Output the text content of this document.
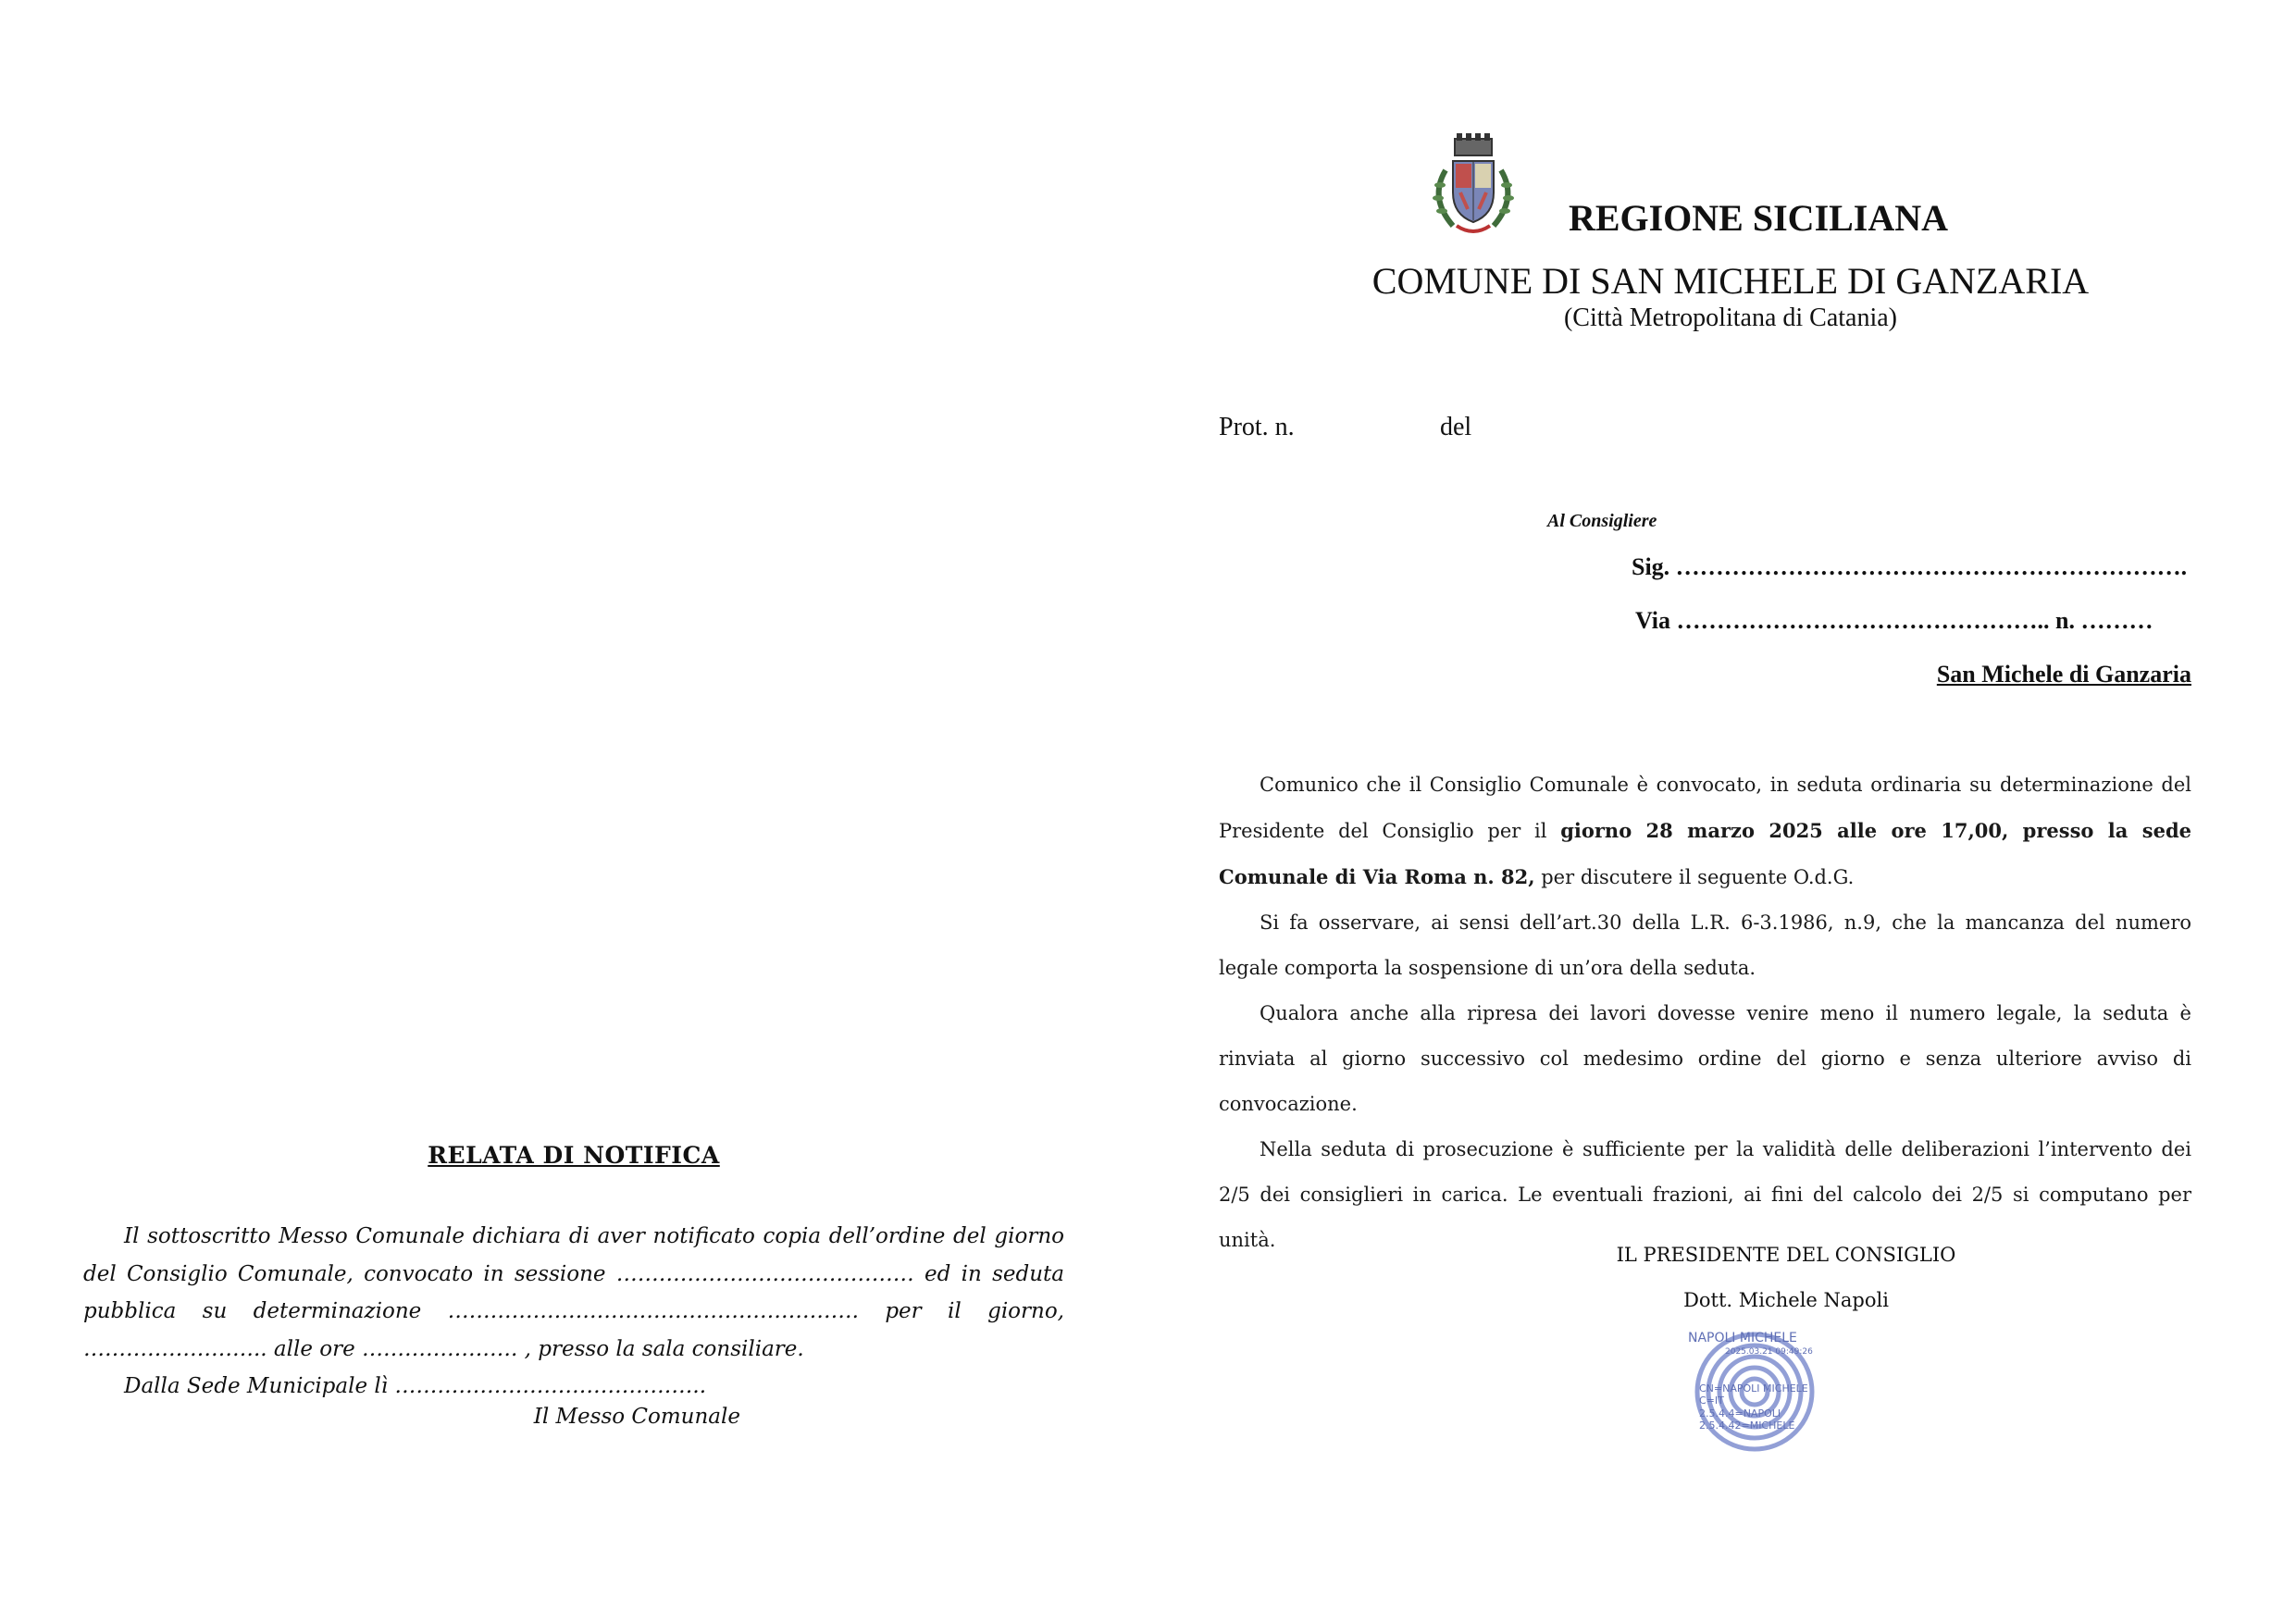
RELATA DI NOTIFICA

Il sottoscritto Messo Comunale dichiara di aver notificato copia dell’ordine del giorno del Consiglio Comunale, convocato in sessione …………………………………… ed in seduta pubblica su determinazione …………………………………………………. per il giorno, …………………….. alle ore …………………. , presso la sala consiliare.

Dalla Sede Municipale lì ……………………………………..

Il Messo Comunale
REGIONE SICILIANA
COMUNE DI SAN MICHELE DI GANZARIA
(Città Metropolitana di Catania)
Prot. n.	del
Al Consigliere
Sig. ……………………………………………………….
Via ……………………………………….. n. ………
San Michele di Ganzaria

Comunico che il Consiglio Comunale è convocato, in seduta ordinaria su determinazione del Presidente del Consiglio per il giorno 28 marzo 2025 alle ore 17,00, presso la sede Comunale di Via Roma n. 82, per discutere il seguente O.d.G.

Si fa osservare, ai sensi dell’art.30 della L.R. 6-3.1986, n.9, che la mancanza del numero legale comporta la sospensione di un’ora della seduta.

Qualora anche alla ripresa dei lavori dovesse venire meno il numero legale, la seduta è rinviata al giorno successivo col medesimo ordine del giorno e senza ulteriore avviso di convocazione.

Nella seduta di prosecuzione è sufficiente per la validità delle deliberazioni l’intervento dei 2/5 dei consiglieri in carica. Le eventuali frazioni, ai fini del calcolo dei 2/5 si computano per unità.

IL PRESIDENTE DEL CONSIGLIO
Dott. Michele Napoli
NAPOLI MICHELE
2025.03.21 09:49:26
CN=NAPOLI MICHELE
C=IT
2.5.4.4=NAPOLI
2.5.4.42=MICHELE
